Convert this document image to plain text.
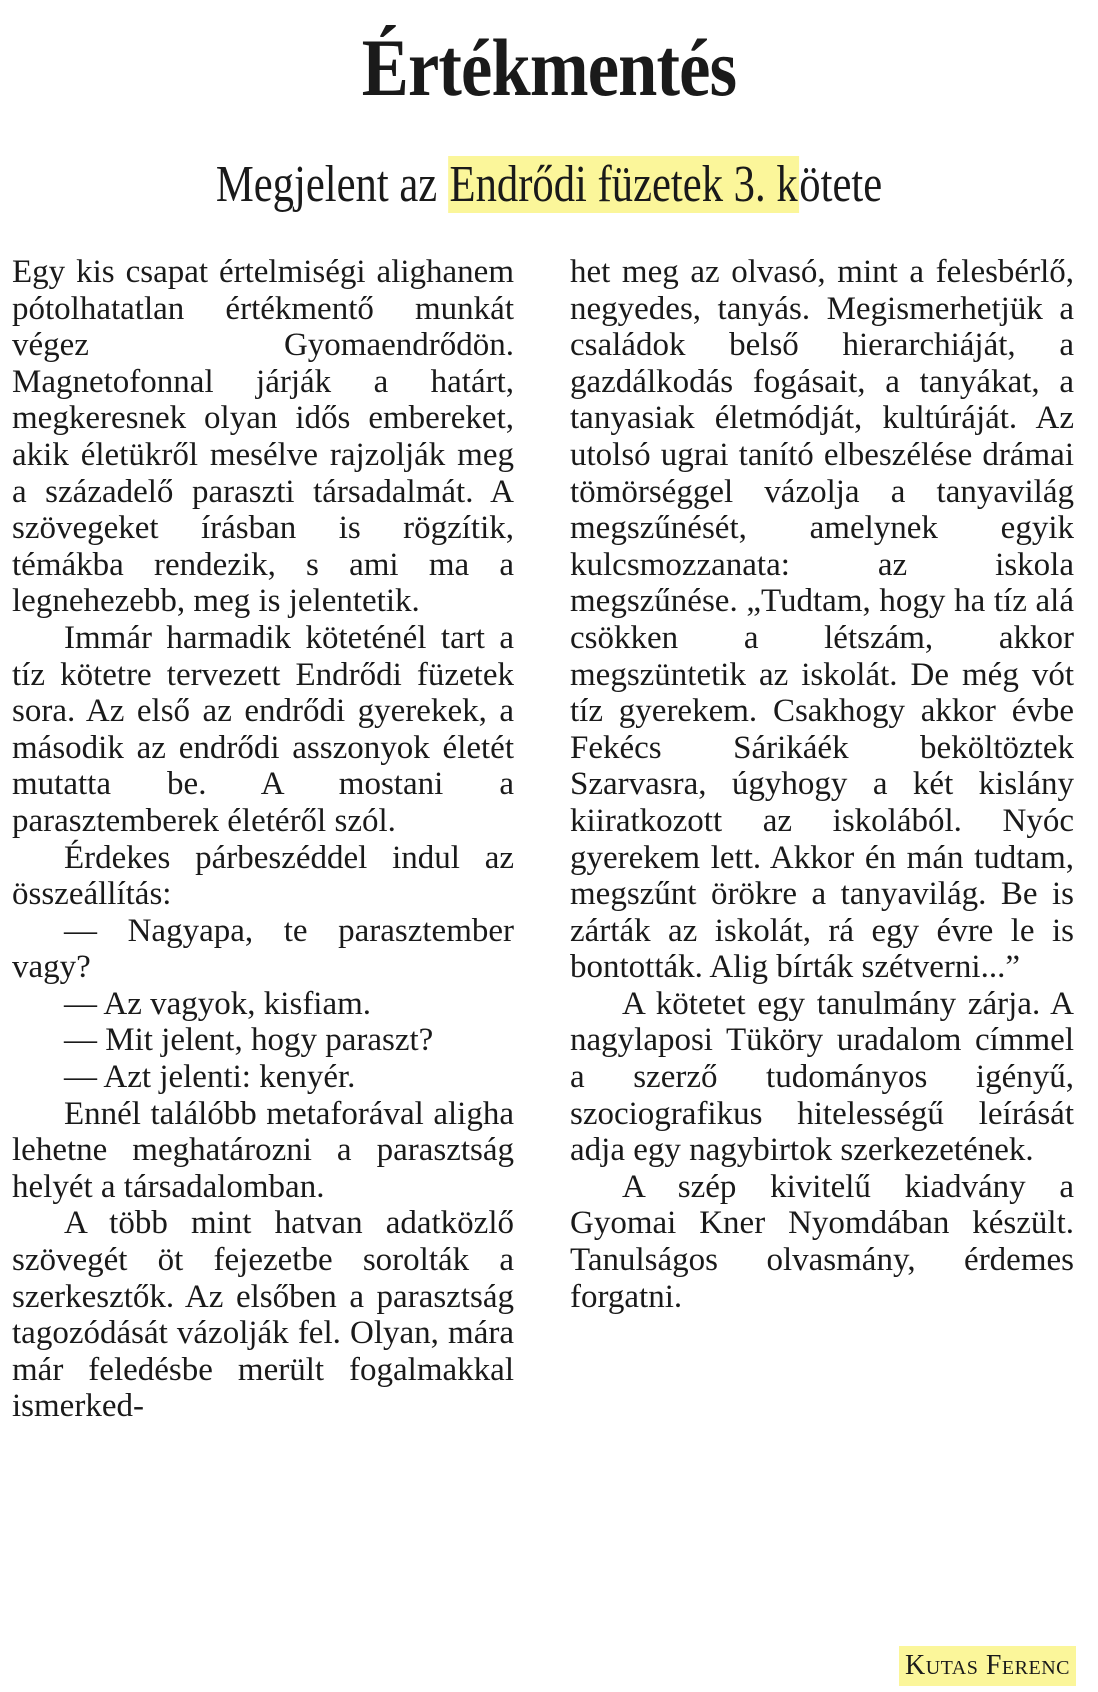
Értékmentés
Megjelent az Endrődi füzetek 3. kötete

Egy kis csapat értelmiségi alighanem pótolhatatlan értékmentő munkát végez Gyomaendrődön. Magnetofonnal járják a határt, megkeresnek olyan idős embereket, akik életükről mesélve rajzolják meg a századelő paraszti társadalmát. A szövegeket írásban is rögzítik, témákba rendezik, s ami ma a legnehezebb, meg is jelentetik.

Immár harmadik köteténél tart a tíz kötetre tervezett Endrődi füzetek sora. Az első az endrődi gyerekek, a második az endrődi asszonyok életét mutatta be. A mostani a parasztemberek életéről szól.

Érdekes párbeszéddel indul az összeállítás:

— Nagyapa, te parasztember vagy?

— Az vagyok, kisfiam.

— Mit jelent, hogy paraszt?

— Azt jelenti: kenyér.

Ennél találóbb metaforával aligha lehetne meghatározni a parasztság helyét a társadalomban.

A több mint hatvan adatközlő szövegét öt fejezetbe sorolták a szerkesztők. Az elsőben a parasztság tagozódását vázolják fel. Olyan, mára már feledésbe merült fogalmakkal ismerked-

het meg az olvasó, mint a felesbérlő, negyedes, tanyás. Megismerhetjük a családok belső hierarchiáját, a gazdálkodás fogásait, a tanyákat, a tanyasiak életmódját, kultúráját. Az utolsó ugrai tanító elbeszélése drámai tömörséggel vázolja a tanyavilág megszűnését, amelynek egyik kulcsmozzanata: az iskola megszűnése. „Tudtam, hogy ha tíz alá csökken a létszám, akkor megszüntetik az iskolát. De még vót tíz gyerekem. Csakhogy akkor évbe Fekécs Sárikáék beköltöztek Szarvasra, úgyhogy a két kislány kiiratkozott az iskolából. Nyóc gyerekem lett. Akkor én mán tudtam, megszűnt örökre a tanyavilág. Be is zárták az iskolát, rá egy évre le is bontották. Alig bírták szétverni...”

A kötetet egy tanulmány zárja. A nagylaposi Tüköry uradalom címmel a szerző tudományos igényű, szociografikus hitelességű leírását adja egy nagybirtok szerkezetének.

A szép kivitelű kiadvány a Gyomai Kner Nyomdában készült. Tanulságos olvasmány, érdemes forgatni.

Kutas Ferenc
